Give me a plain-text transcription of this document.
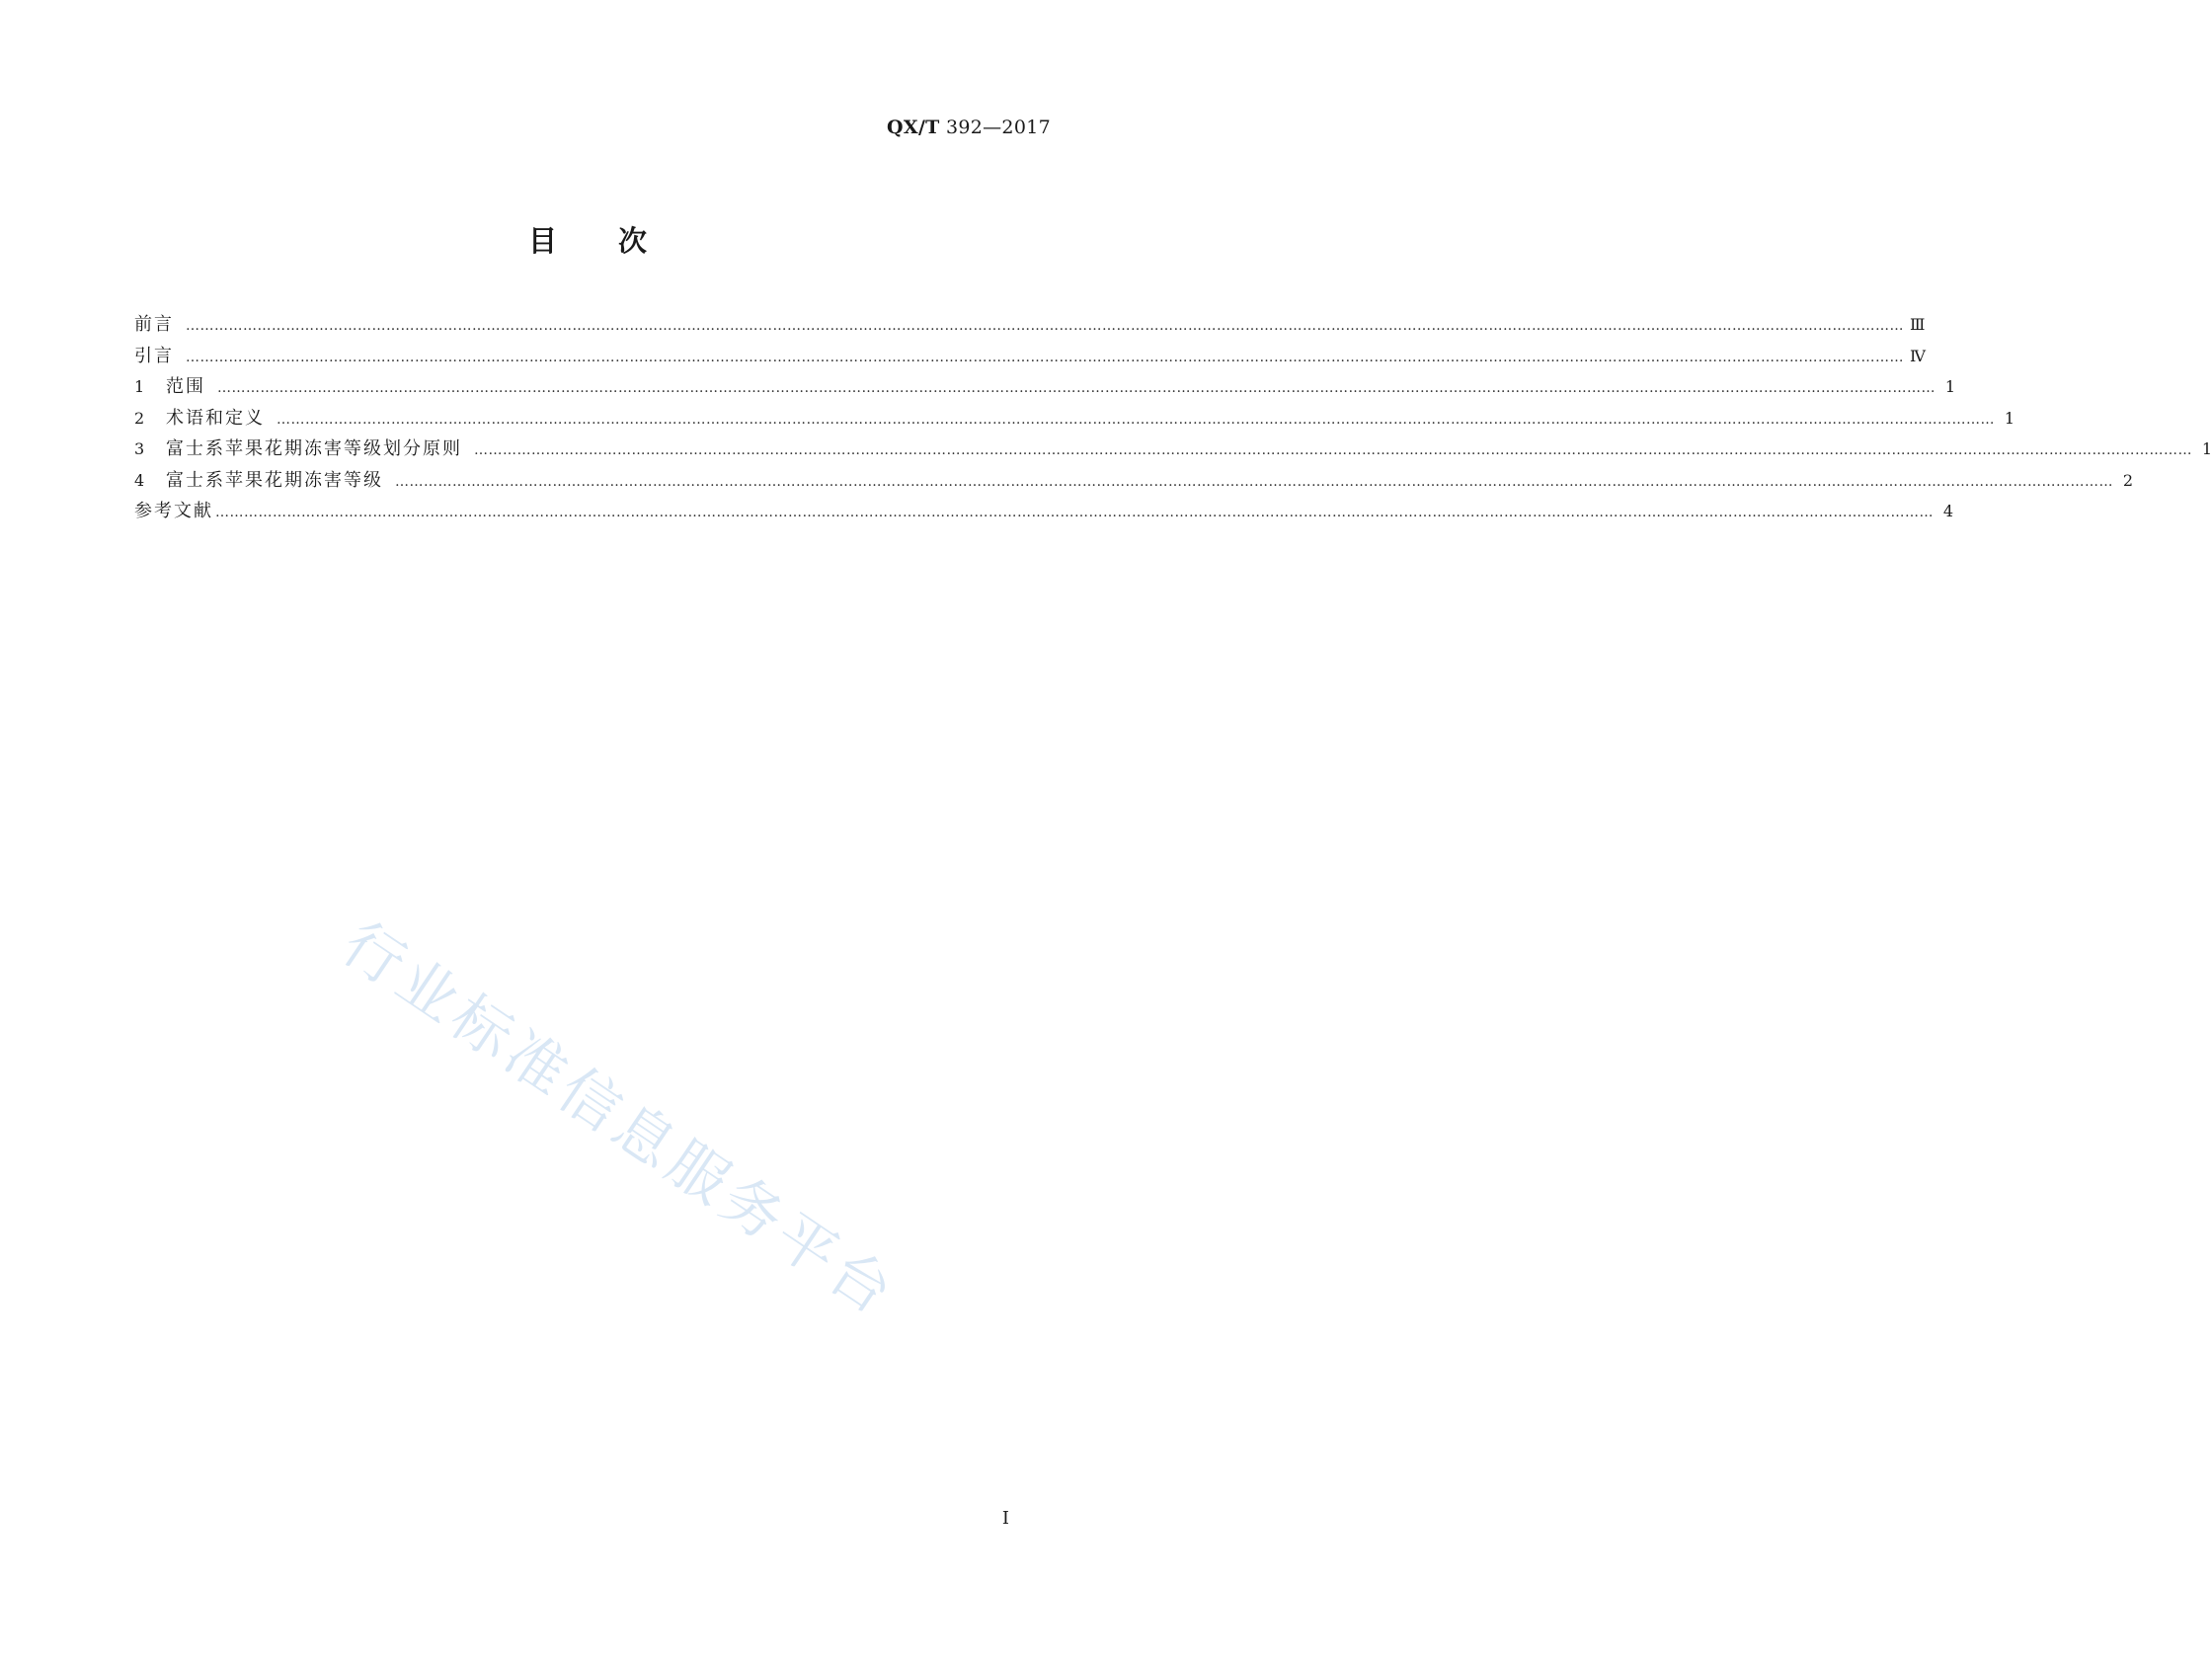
QX/T 392—2017
目次
前言 ……………………………………………………………………………………………………………………………………………………………………………………………………………………………………………………………………………………………………………………………… Ⅲ
引言 ……………………………………………………………………………………………………………………………………………………………………………………………………………………………………………………………………………………………………………………………… Ⅳ
1	范围 ……………………………………………………………………………………………………………………………………………………………………………………………………………………………………………………………………………………………………………………………… 1
2	术语和定义 ……………………………………………………………………………………………………………………………………………………………………………………………………………………………………………………………………………………………………………………………… 1
3	富士系苹果花期冻害等级划分原则 ……………………………………………………………………………………………………………………………………………………………………………………………………………………………………………………………………………………………………………………………… 1
4	富士系苹果花期冻害等级 ……………………………………………………………………………………………………………………………………………………………………………………………………………………………………………………………………………………………………………………………… 2
参考文献 ……………………………………………………………………………………………………………………………………………………………………………………………………………………………………………………………………………………………………………………………… 4
行业标准信息服务平台
Ⅰ
